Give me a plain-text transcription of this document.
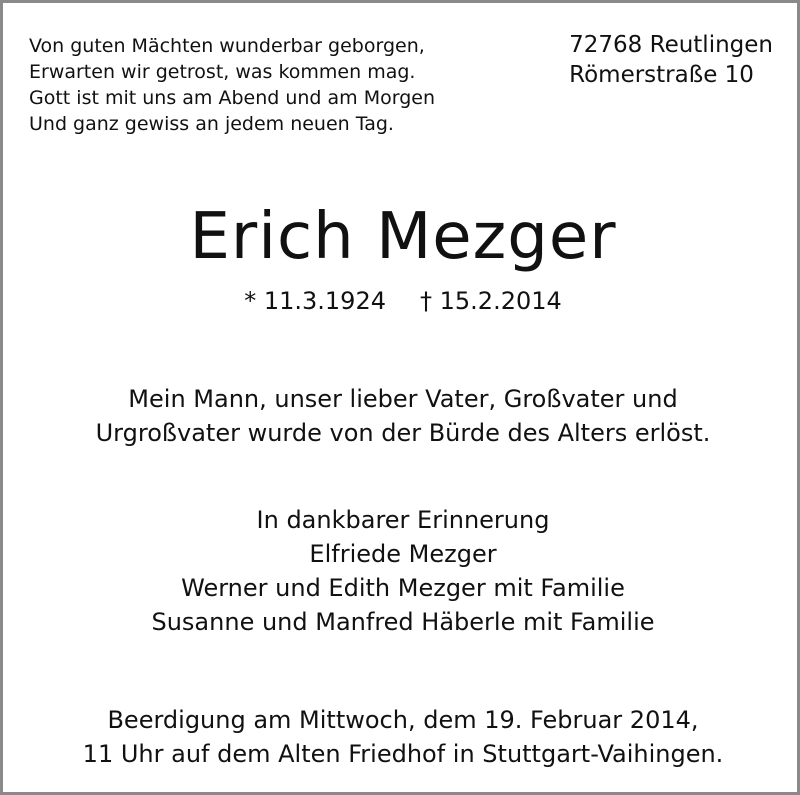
Von guten Mächten wunderbar geborgen,
Erwarten wir getrost, was kommen mag.
Gott ist mit uns am Abend und am Morgen
Und ganz gewiss an jedem neuen Tag.
72768 Reutlingen
Römerstraße 10
Erich Mezger
* 11.3.1924 † 15.2.2014
Mein Mann, unser lieber Vater, Großvater und
Urgroßvater wurde von der Bürde des Alters erlöst.
In dankbarer Erinnerung
Elfriede Mezger
Werner und Edith Mezger mit Familie
Susanne und Manfred Häberle mit Familie
Beerdigung am Mittwoch, dem 19. Februar 2014,
11 Uhr auf dem Alten Friedhof in Stuttgart-Vaihingen.
